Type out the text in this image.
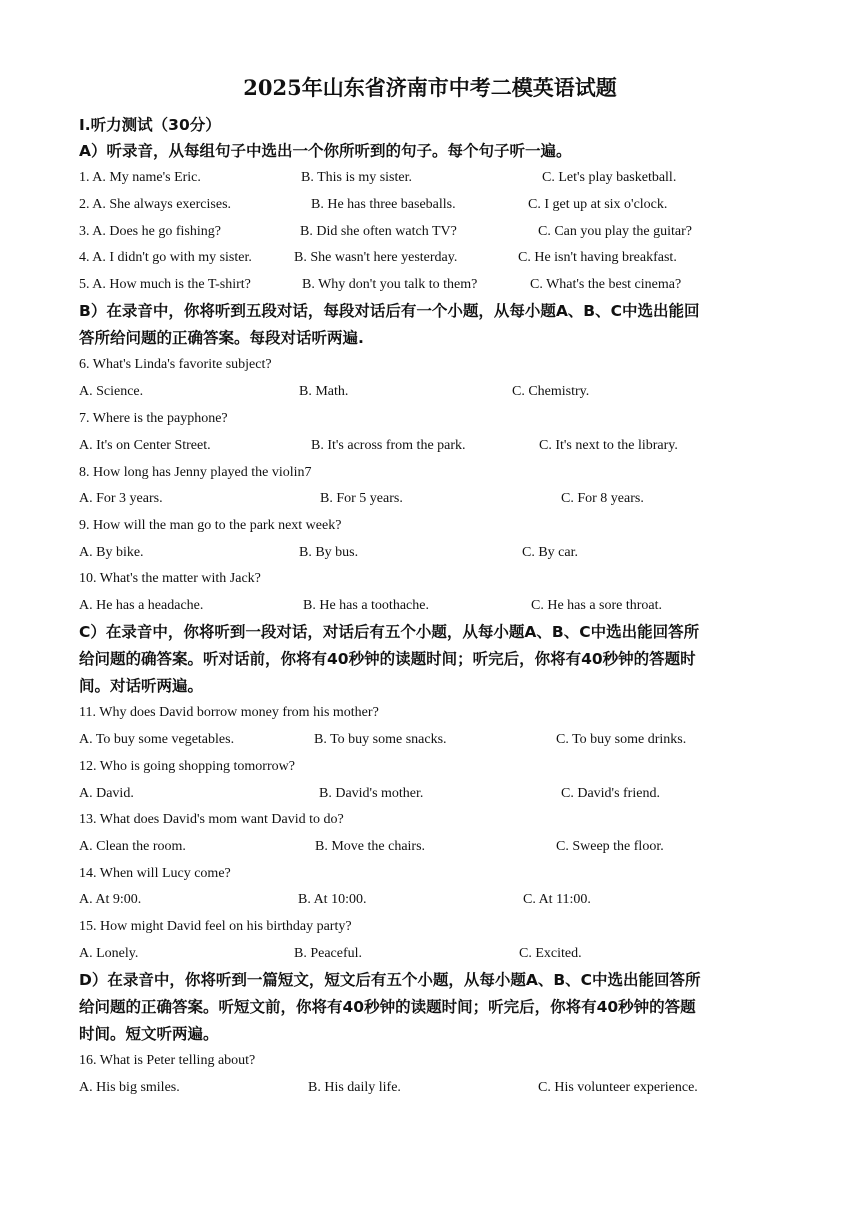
2025年山东省济南市中考二模英语试题
I.听力测试（30分）
A）听录音，从每组句子中选出一个你所听到的句子。每个句子听一遍。
1. A. My name's Eric.	B. This is my sister.	C. Let's play basketball.
2. A. She always exercises.	B. He has three baseballs.	C. I get up at six o'clock.
3. A. Does he go fishing?	B. Did she often watch TV?	C. Can you play the guitar?
4. A. I didn't go with my sister.	B. She wasn't here yesterday.	C. He isn't having breakfast.
5. A. How much is the T-shirt?	B. Why don't you talk to them?	C. What's the best cinema?
B）在录音中，你将听到五段对话，每段对话后有一个小题，从每小题A、B、C中选出能回
答所给问题的正确答案。每段对话听两遍.
6. What's Linda's favorite subject?
A. Science.	B. Math.	C. Chemistry.
7. Where is the payphone?
A. It's on Center Street.	B. It's across from the park.	C. It's next to the library.
8. How long has Jenny played the violin7
A. For 3 years.	B. For 5 years.	C. For 8 years.
9. How will the man go to the park next week?
A. By bike.	B. By bus.	C. By car.
10. What's the matter with Jack?
A. He has a headache.	B. He has a toothache.	C. He has a sore throat.
C）在录音中，你将听到一段对话，对话后有五个小题，从每小题A、B、C中选出能回答所
给问题的确答案。听对话前，你将有40秒钟的读题时间；听完后，你将有40秒钟的答题时
间。对话听两遍。
11. Why does David borrow money from his mother?
A. To buy some vegetables.	B. To buy some snacks.	C. To buy some drinks.
12. Who is going shopping tomorrow?
A. David.	B. David's mother.	C. David's friend.
13. What does David's mom want David to do?
A. Clean the room.	B. Move the chairs.	C. Sweep the floor.
14. When will Lucy come?
A. At 9:00.	B. At 10:00.	C. At 11:00.
15. How might David feel on his birthday party?
A. Lonely.	B. Peaceful.	C. Excited.
D）在录音中，你将听到一篇短文，短文后有五个小题，从每小题A、B、C中选出能回答所
给问题的正确答案。听短文前，你将有40秒钟的读题时间；听完后，你将有40秒钟的答题
时间。短文听两遍。
16. What is Peter telling about?
A. His big smiles.	B. His daily life.	C. His volunteer experience.
